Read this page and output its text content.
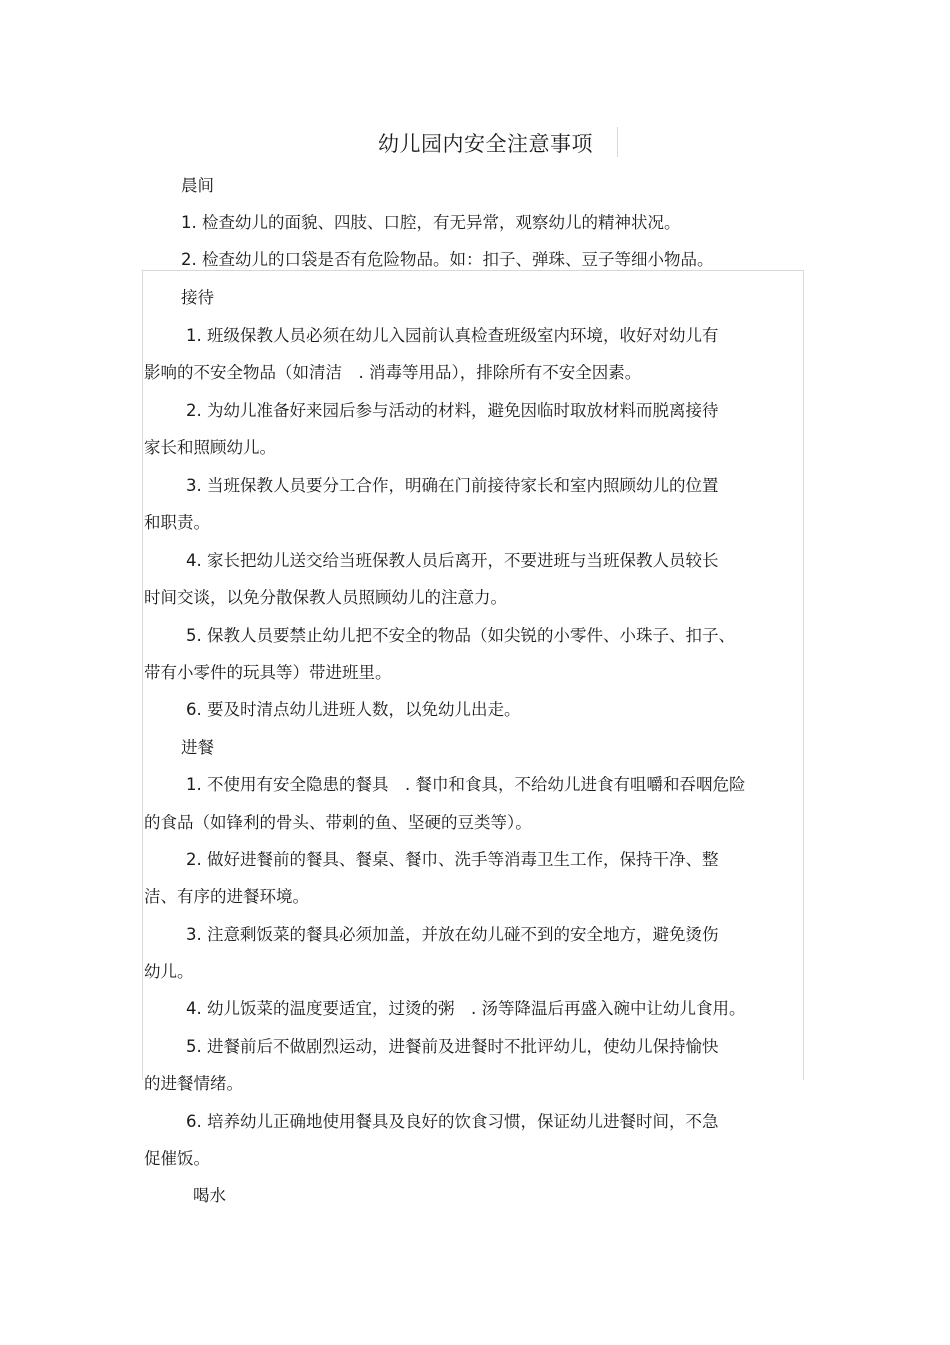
幼儿园内安全注意事项
晨间
1. 检查幼儿的面貌、四肢、口腔，有无异常，观察幼儿的精神状况。
2. 检查幼儿的口袋是否有危险物品。如：扣子、弹珠、豆子等细小物品。
接待
1. 班级保教人员必须在幼儿入园前认真检查班级室内环境，收好对幼儿有
影响的不安全物品（如清洁　. 消毒等用品），排除所有不安全因素。
2. 为幼儿准备好来园后参与活动的材料，避免因临时取放材料而脱离接待
家长和照顾幼儿。
3. 当班保教人员要分工合作，明确在门前接待家长和室内照顾幼儿的位置
和职责。
4. 家长把幼儿送交给当班保教人员后离开，不要进班与当班保教人员较长
时间交谈，以免分散保教人员照顾幼儿的注意力。
5. 保教人员要禁止幼儿把不安全的物品（如尖锐的小零件、小珠子、扣子、
带有小零件的玩具等）带进班里。
6. 要及时清点幼儿进班人数，以免幼儿出走。
进餐
1. 不使用有安全隐患的餐具　. 餐巾和食具，不给幼儿进食有咀嚼和吞咽危险
的食品（如锋利的骨头、带刺的鱼、坚硬的豆类等）。
2. 做好进餐前的餐具、餐桌、餐巾、洗手等消毒卫生工作，保持干净、整
洁、有序的进餐环境。
3. 注意剩饭菜的餐具必须加盖，并放在幼儿碰不到的安全地方，避免烫伤
幼儿。
4. 幼儿饭菜的温度要适宜，过烫的粥　. 汤等降温后再盛入碗中让幼儿食用。
5. 进餐前后不做剧烈运动，进餐前及进餐时不批评幼儿，使幼儿保持愉快
的进餐情绪。
6. 培养幼儿正确地使用餐具及良好的饮食习惯，保证幼儿进餐时间，不急
促催饭。
喝水
